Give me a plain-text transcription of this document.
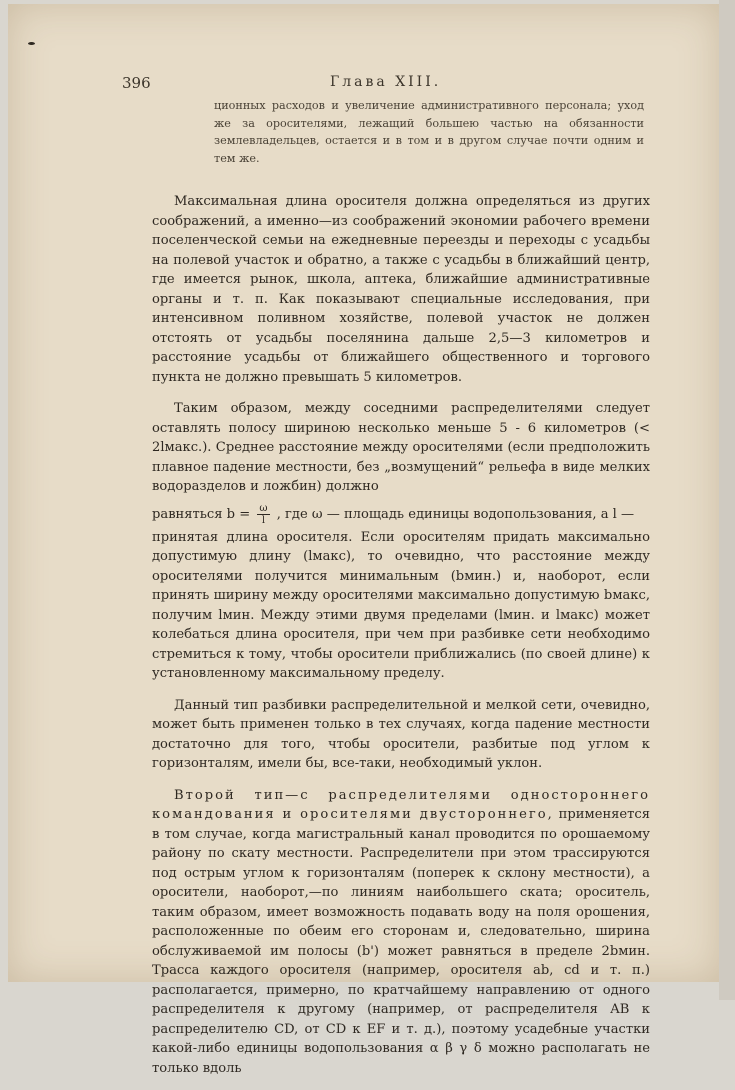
396	Глава XIII.
ционных расходов и увеличение административного персонала; уход же за оросителями, лежащий большею частью на обязанности землевладельцев, остается и в том и в другом случае почти одним и тем же.

Максимальная длина оросителя должна определяться из других соображений, а именно—из соображений экономии рабочего времени поселенческой семьи на ежедневные переезды и переходы с усадьбы на полевой участок и обратно, а также с усадьбы в ближайший центр, где имеется рынок, школа, аптека, ближайшие административные органы и т. п. Как показывают специальные исследования, при интенсивном поливном хозяйстве, полевой участок не должен отстоять от усадьбы поселянина дальше 2,5—3 километров и расстояние усадьбы от ближайшего общественного и торгового пункта не должно превышать 5 километров.

Таким образом, между соседними распределителями следует оставлять полосу шириною несколько меньше 5 - 6 километров (< 2lмакс.). Среднее расстояние между оросителями (если предположить плавное падение местности, без „возмущений“ рельефа в виде мелких водоразделов и ложбин) должно

равняться $b = \frac{\omega}{l}$ , где ω — площадь единицы водопользования, а l —

принятая длина оросителя. Если оросителям придать максимально допустимую длину (lмакс), то очевидно, что расстояние между оросителями получится минимальным (bмин.) и, наоборот, если принять ширину между оросителями максимально допустимую bмакс, получим lмин. Между этими двумя пределами (lмин. и lмакс) может колебаться длина оросителя, при чем при разбивке сети необходимо стремиться к тому, чтобы оросители приближались (по своей длине) к установленному максимальному пределу.

Данный тип разбивки распределительной и мелкой сети, очевидно, может быть применен только в тех случаях, когда падение местности достаточно для того, чтобы оросители, разбитые под углом к горизонталям, имели бы, все-таки, необходимый уклон.

Второй тип—с распределителями одностороннего командования и оросителями двустороннего, применяется в том случае, когда магистральный канал проводится по орошаемому району по скату местности. Распределители при этом трассируются под острым углом к горизонталям (поперек к склону местности), а оросители, наоборот,—по линиям наибольшего ската; ороситель, таким образом, имеет возможность подавать воду на поля орошения, расположенные по обеим его сторонам и, следовательно, ширина обслуживаемой им полосы (b') может равняться в пределе 2bмин. Трасса каждого оросителя (например, оросителя ab, cd и т. п.) располагается, примерно, по кратчайшему направлению от одного распределителя к другому (например, от распределителя AB к распределителю CD, от CD к EF и т. д.), поэтому усадебные участки какой-либо единицы водопользования α β γ δ можно располагать не только вдоль
